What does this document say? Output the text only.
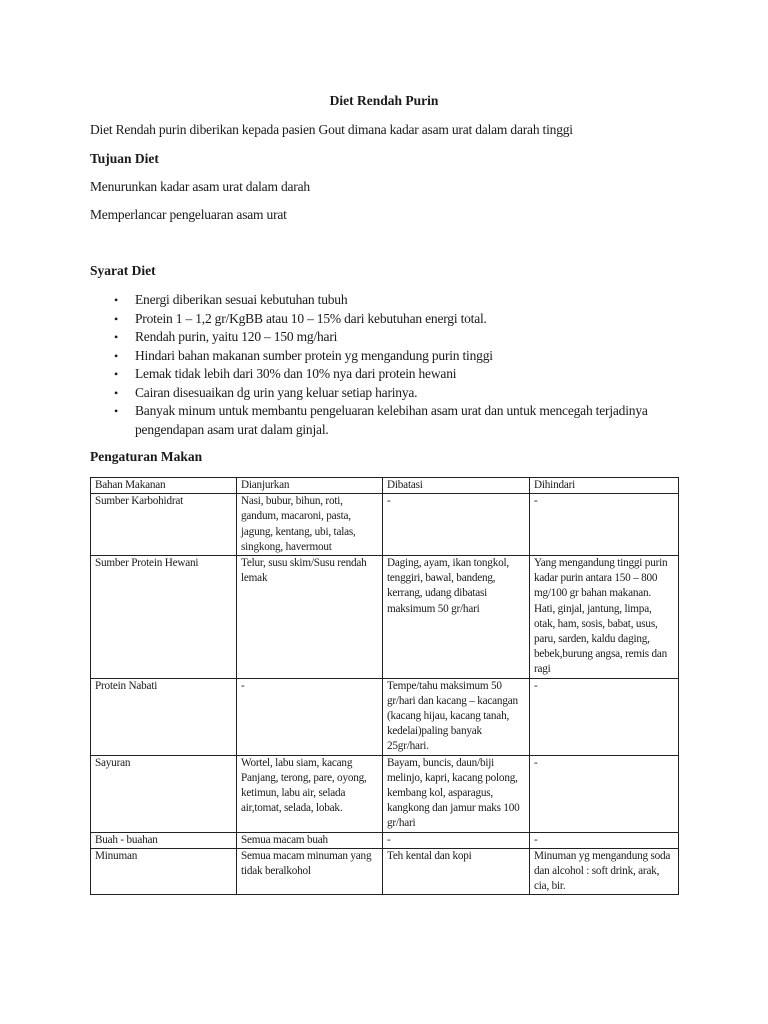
Diet Rendah Purin
Diet Rendah purin diberikan kepada pasien Gout dimana kadar asam urat dalam darah tinggi
Tujuan Diet
Menurunkan kadar asam urat dalam darah
Memperlancar pengeluaran asam urat
Syarat Diet
• Energi diberikan sesuai kebutuhan tubuh
• Protein 1 – 1,2 gr/KgBB atau 10 – 15% dari kebutuhan energi total.
• Rendah purin, yaitu 120 – 150 mg/hari
• Hindari bahan makanan sumber protein yg mengandung purin tinggi
• Lemak tidak lebih dari 30% dan 10% nya dari protein hewani
• Cairan disesuaikan dg urin yang keluar setiap harinya.
• Banyak minum untuk membantu pengeluaran kelebihan asam urat dan untuk mencegah terjadinya pengendapan asam urat dalam ginjal.
Pengaturan Makan
Bahan Makanan	Dianjurkan	Dibatasi	Dihindari
Sumber Karbohidrat	Nasi, bubur, bihun, roti, gandum, macaroni, pasta, jagung, kentang, ubi, talas, singkong, havermout	-	-
Sumber Protein Hewani	Telur, susu skim/Susu rendah lemak	Daging, ayam, ikan tongkol, tenggiri, bawal, bandeng, kerrang, udang dibatasi maksimum 50 gr/hari	Yang mengandung tinggi purin kadar purin antara 150 – 800 mg/100 gr bahan makanan. Hati, ginjal, jantung, limpa, otak, ham, sosis, babat, usus, paru, sarden, kaldu daging, bebek,burung angsa, remis dan ragi
Protein Nabati	-	Tempe/tahu maksimum 50 gr/hari dan kacang – kacangan (kacang hijau, kacang tanah, kedelai)paling banyak 25gr/hari.	-
Sayuran	Wortel, labu siam, kacang Panjang, terong, pare, oyong, ketimun, labu air, selada air,tomat, selada, lobak.	Bayam, buncis, daun/biji melinjo, kapri, kacang polong, kembang kol, asparagus, kangkong dan jamur maks 100 gr/hari	-
Buah - buahan	Semua macam buah	-	-
Minuman	Semua macam minuman yang tidak beralkohol	Teh kental dan kopi	Minuman yg mengandung soda dan alcohol : soft drink, arak, cia, bir.
